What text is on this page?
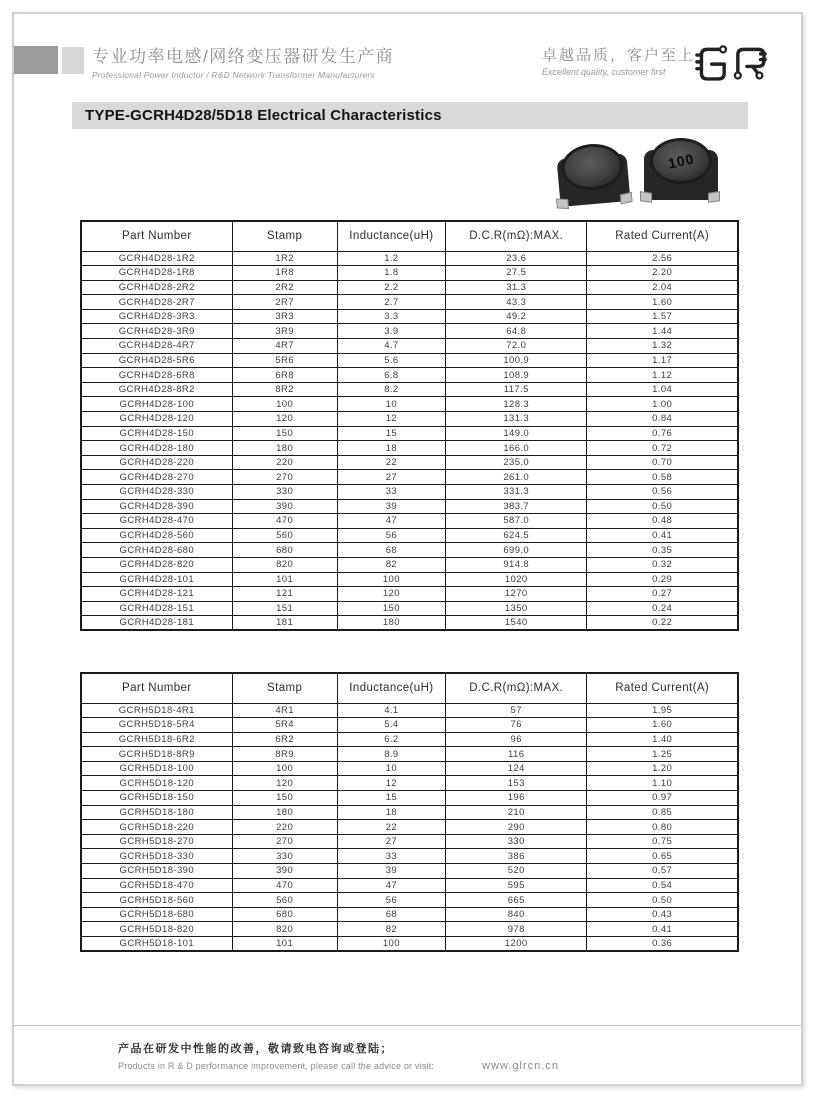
专业功率电感/网络变压器研发生产商
Professional Power Inductor / R&D Network Transformer Manufacturers
卓越品质，客户至上
Excellent quality, customer first
TYPE-GCRH4D28/5D18 Electrical Characteristics
100
Part Number	Stamp	Inductance(uH)	D.C.R(mΩ):MAX.	Rated Current(A)
GCRH4D28-1R2	1R2	1.2	23.6	2.56
GCRH4D28-1R8	1R8	1.8	27.5	2.20
GCRH4D28-2R2	2R2	2.2	31.3	2.04
GCRH4D28-2R7	2R7	2.7	43.3	1.60
GCRH4D28-3R3	3R3	3.3	49.2	1.57
GCRH4D28-3R9	3R9	3.9	64.8	1.44
GCRH4D28-4R7	4R7	4.7	72.0	1.32
GCRH4D28-5R6	5R6	5.6	100.9	1.17
GCRH4D28-6R8	6R8	6.8	108.9	1.12
GCRH4D28-8R2	8R2	8.2	117.5	1.04
GCRH4D28-100	100	10	128.3	1.00
GCRH4D28-120	120	12	131.3	0.84
GCRH4D28-150	150	15	149.0	0.76
GCRH4D28-180	180	18	166.0	0.72
GCRH4D28-220	220	22	235.0	0.70
GCRH4D28-270	270	27	261.0	0.58
GCRH4D28-330	330	33	331.3	0.56
GCRH4D28-390	390	39	383.7	0.50
GCRH4D28-470	470	47	587.0	0.48
GCRH4D28-560	560	56	624.5	0.41
GCRH4D28-680	680	68	699.0	0.35
GCRH4D28-820	820	82	914.8	0.32
GCRH4D28-101	101	100	1020	0.29
GCRH4D28-121	121	120	1270	0.27
GCRH4D28-151	151	150	1350	0.24
GCRH4D28-181	181	180	1540	0.22
Part Number	Stamp	Inductance(uH)	D.C.R(mΩ):MAX.	Rated Current(A)
GCRH5D18-4R1	4R1	4.1	57	1.95
GCRH5D18-5R4	5R4	5.4	76	1.60
GCRH5D18-6R2	6R2	6.2	96	1.40
GCRH5D18-8R9	8R9	8.9	116	1.25
GCRH5D18-100	100	10	124	1.20
GCRH5D18-120	120	12	153	1.10
GCRH5D18-150	150	15	196	0.97
GCRH5D18-180	180	18	210	0.85
GCRH5D18-220	220	22	290	0.80
GCRH5D18-270	270	27	330	0.75
GCRH5D18-330	330	33	386	0.65
GCRH5D18-390	390	39	520	0.57
GCRH5D18-470	470	47	595	0.54
GCRH5D18-560	560	56	665	0.50
GCRH5D18-680	680	68	840	0.43
GCRH5D18-820	820	82	978	0.41
GCRH5D18-101	101	100	1200	0.36
产品在研发中性能的改善，敬请致电咨询或登陆；
Products in R & D performance improvement, please call the advice or visit:	www.glrcn.cn
